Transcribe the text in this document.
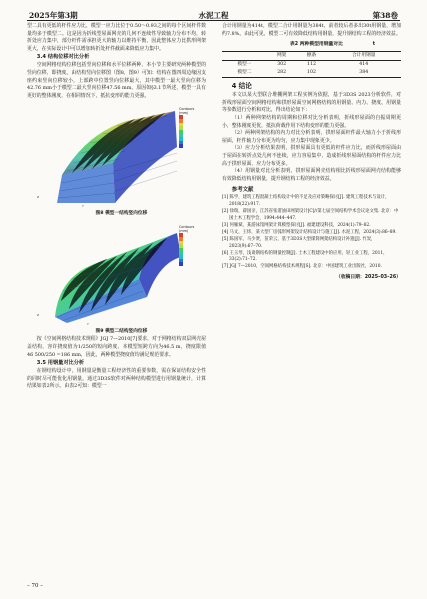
2025年第3期	水泥工程	第38卷

型二具有更低的杆件应力比，模型一应力比位于0.50～0.93之间的每个区间杆件数量均多于模型二。这是因为折线型屋面网壳的几何不连续性导致轴力分布不均，转折处应力集中，部分杆件需承担更大的轴力以维持平衡，因此整体应力比拱形网架更大，在实际设计中可以增加转折处杆件截面来降低应力集中。

3.4 结构位移对比分析

空间网格结构位移包括竖向位移和水平位移两种，本小节主要研究两种模型的竖向位移，即挠度。由结构竖向位移图（图8，图9）可知：结构在图四周边缘因支座约束竖向位移较小，上部跨中位置竖向位移最大，其中模型一最大竖向位移为42.76 mm小于模型二最大竖向位移47.56 mm，原因如§3.1节所述，模型一具有更好的整体刚度，在相同情况下，抵抗变形的能力更强。

Y
Z
Contours
(mm)

图8 模型一结构竖向位移

Y
Z
Contours
(mm)

图9 模型二结构竖向位移

按《空间网格结构技术规程》JGJ 7—2010[7]要求，对于网格结构双层网壳屋盖结构，容许挠度值为1/250的短向跨度，本模型短跨方向为46.5 m，挠度限值46 500/250 =186 mm，因此，两种模型挠度值均满足规范要求。

3.5 用钢量对比分析

在钢结构设计中，用钢量是衡量工程经济性的重要参数，需在保证结构安全性的同时尽可能优化用钢量。通过3D3S软件对两种结构模型进行用钢量统计，计算结果如表2所示。由表2可知：模型一

合计用钢量为414t，模型二合计用钢量为384t，前者较后者多出30t用钢量，增加约7.8%。由此可见，模型二可有效降低结构用钢量，提升钢结构工程的经济效益。

表2 两种模型用钢量对比	t

	网架	檩条	合计用钢量
模型一	302	112	414
模型二	282	102	384

4 结论

本文以某大型联合堆棚网架工程实例为依据，基于3D3S 2023分析软件，对折线形屋面空间网格结构和拱形屋面空间网格结构的用钢量、内力、挠度、用钢量等参数进行分析和对比，得出结论如下：

（1）两种网架结构的周期和位移对比分析表明，折线形屋面的自振周期更小，整体刚度更优，抵抗荷载作用下结构变形的能力更强。

（2）两种网架结构的内力对比分析表明，拱形屋面杆件最大轴力小于折线形屋面，杆件轴力分布更为均匀，应力集中现象更少。

（3）应力分析结果表明，拱形屋面具有更低的杆件应力比，而折线形屋面由于屋面在转折点处几何不连续，应力容易集中，造成折线形屋面结构的杆件应力比高于拱形屋面，应力分布更多。

（4）用钢量对比分析表明，拱形屋面网壳结构相比折线形屋面网壳结构能够有效降低结构用钢量，提升钢结构工程的经济效益。

参考文献

[1] 陈学，建筑工程混凝土结构设计中的不足及应对策略探讨[J]. 建筑工程技术与设计，2018(22):917.

[2] 徐瑞，薛国亲，江苏省张渚油田网架设计[C]//第七届空间结构学术会议论文集. 北京：中国土木工程学会，1994:444–447.

[3] 何雁斌，某游泳馆网架计算模型探讨[J]. 福建建设科技，2024(1):79–82.

[4] 马文，王炜，某大型厂房弧形网架设计结构设计与施工[J]. 水泥工程，2024(3):86–89.

[5] 陈国军，马少贤，苗荣云，基于3D3S大型煤筒网架结构设计补遗[J]. 竹炭，2023(9):67–70.

[6] 王玉琴，浅谈钢结构的钢量控制[J]. 土木工程建设中的应用，轻工业工程，2011，33(2):71–72.

[7] JGJ 7—2010，空间网格结构技术规程[S]. 北京：中国建筑工业出版社，2010.

（收稿日期：2025–03–26）

– 70 –
